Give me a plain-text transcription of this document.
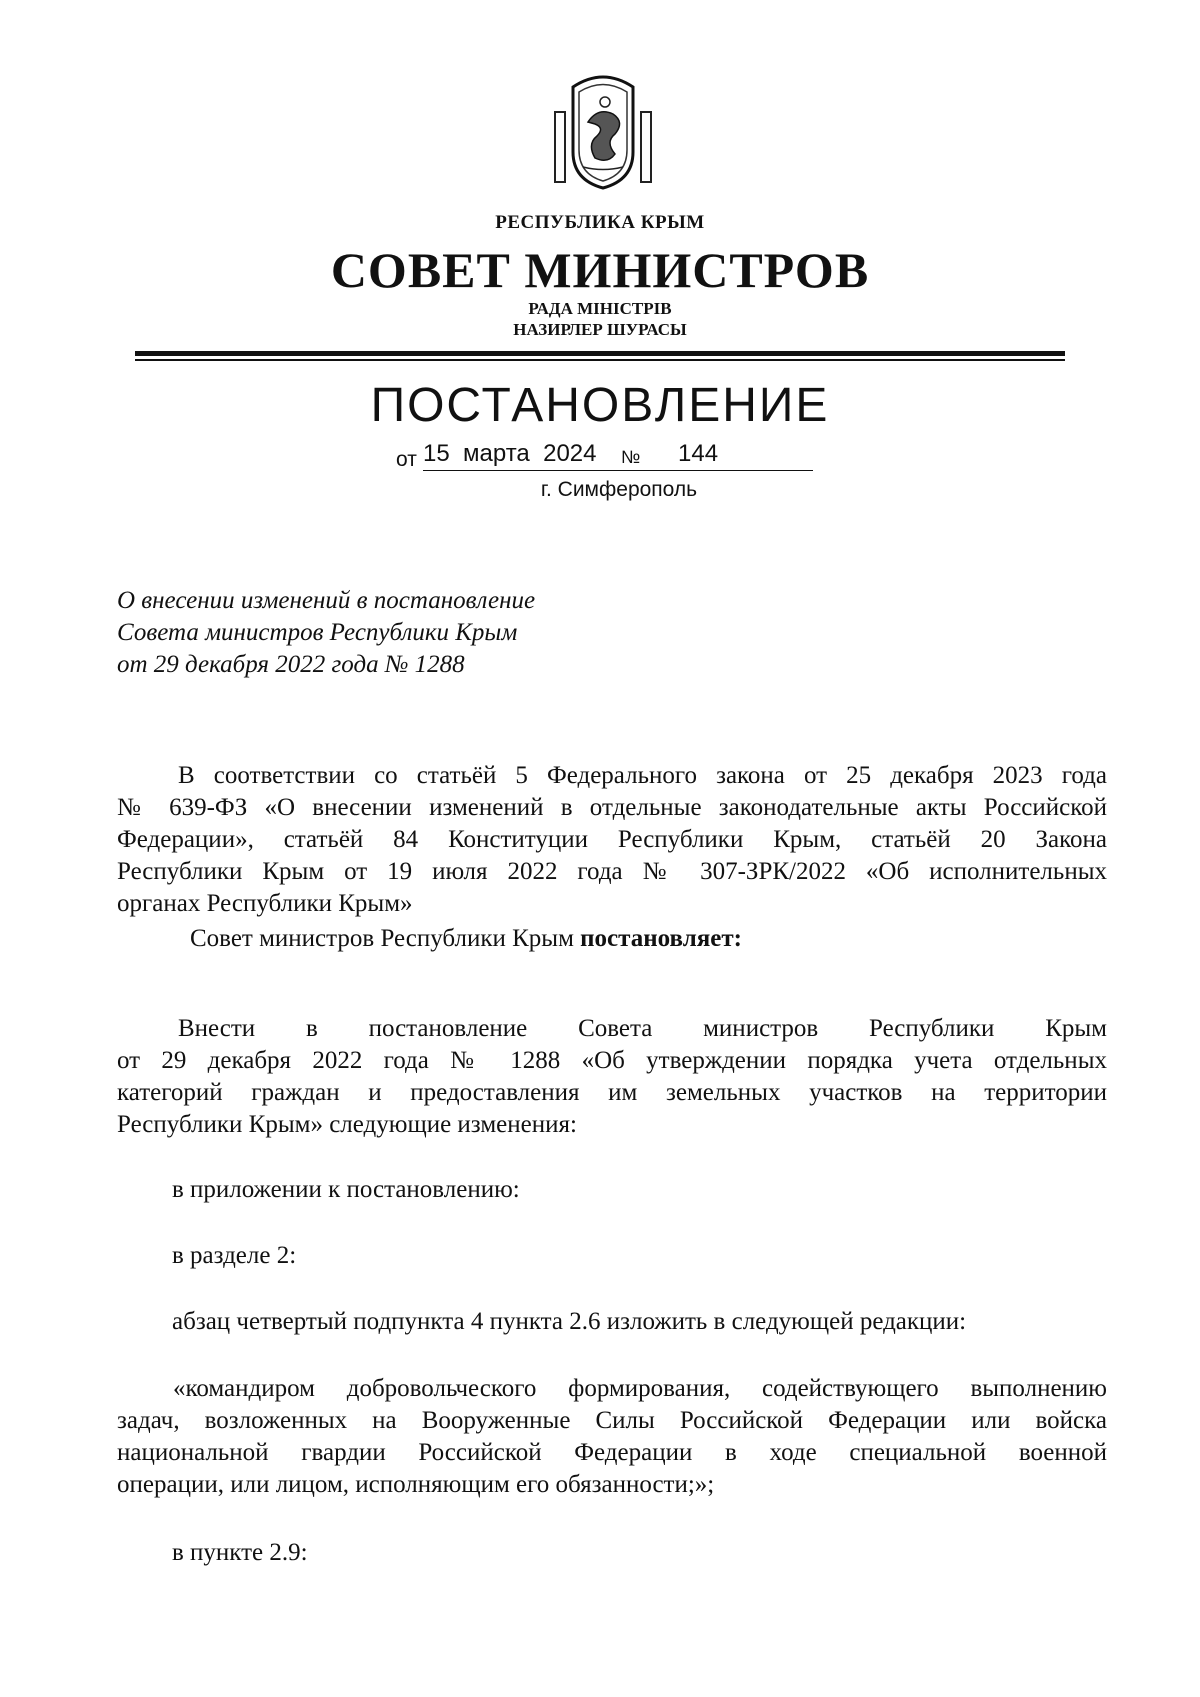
РЕСПУБЛИКА КРЫМ
СОВЕТ МИНИСТРОВ
РАДА МІНІСТРІВ
НАЗИРЛЕР ШУРАСЫ
ПОСТАНОВЛЕНИЕ
от 15  марта  2024 № 144
г. Симферополь
О внесении изменений в постановление
Совета министров Республики Крым
от 29 декабря 2022 года № 1288
В соответствии со статьёй 5 Федерального закона от 25 декабря 2023 года
№ 639-ФЗ «О внесении изменений в отдельные законодательные акты Российской
Федерации», статьёй 84 Конституции Республики Крым, статьёй 20 Закона
Республики Крым от 19 июля 2022 года № 307-ЗРК/2022 «Об исполнительных
органах Республики Крым»
Совет министров Республики Крым постановляет:
Внести в постановление Совета министров Республики Крым
от 29 декабря 2022 года № 1288 «Об утверждении порядка учета отдельных
категорий граждан и предоставления им земельных участков на территории
Республики Крым» следующие изменения:
в приложении к постановлению:
в разделе 2:
абзац четвертый подпункта 4 пункта 2.6 изложить в следующей редакции:
«командиром добровольческого формирования, содействующего выполнению
задач, возложенных на Вооруженные Силы Российской Федерации или войска
национальной гвардии Российской Федерации в ходе специальной военной
операции, или лицом, исполняющим его обязанности;»;
в пункте 2.9:
